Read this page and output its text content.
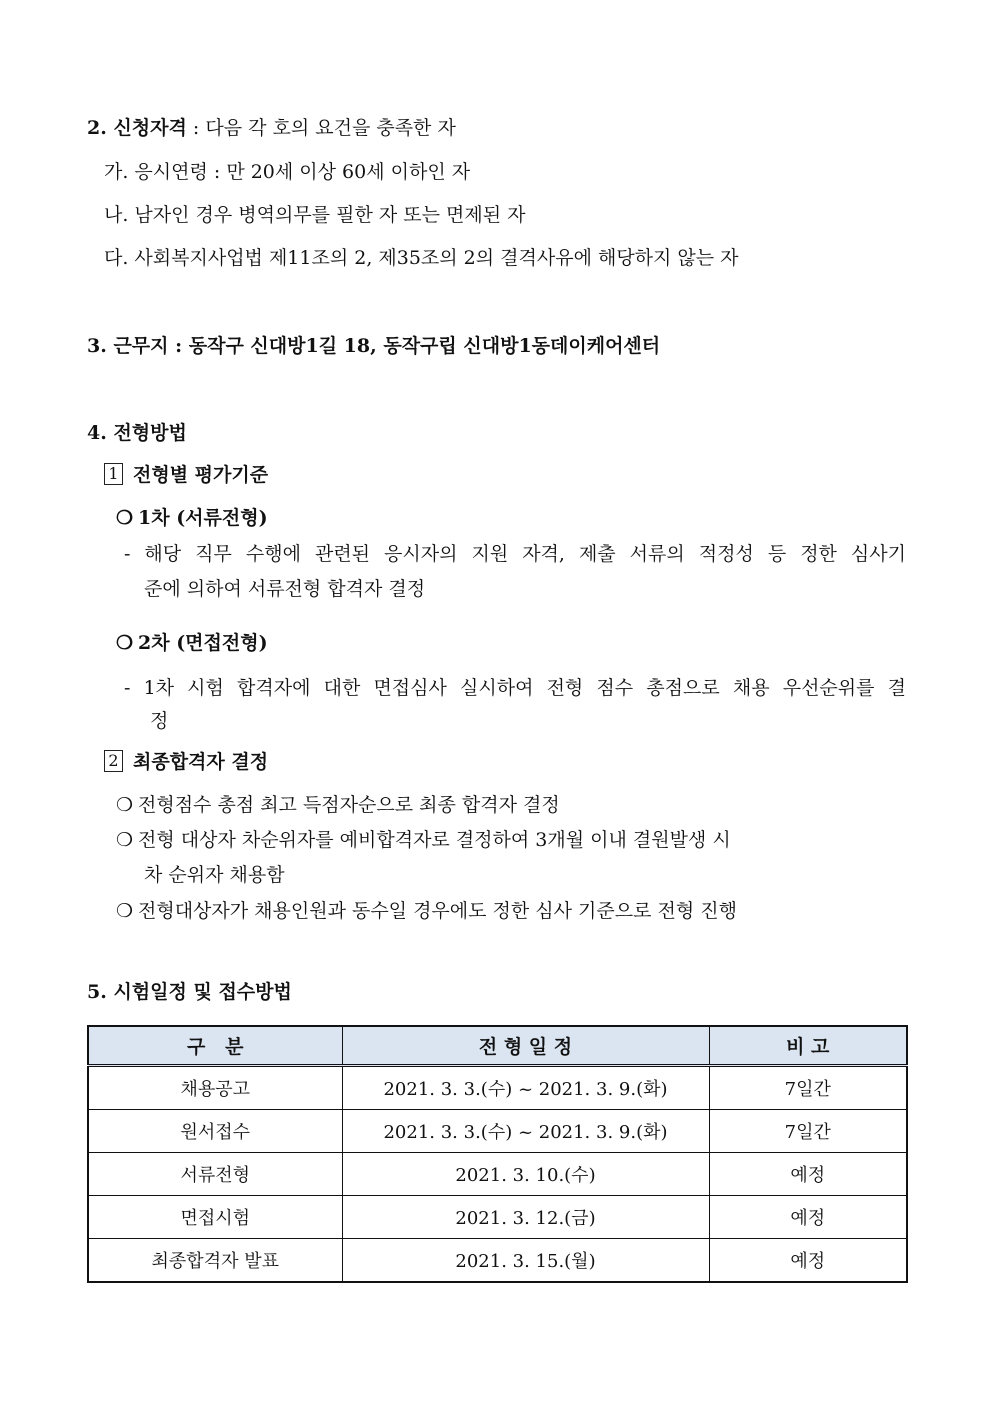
2. 신청자격 : 다음 각 호의 요건을 충족한 자
가. 응시연령 : 만 20세 이상 60세 이하인 자
나. 남자인 경우 병역의무를 필한 자 또는 면제된 자
다. 사회복지사업법 제11조의 2, 제35조의 2의 결격사유에 해당하지 않는 자
3. 근무지 : 동작구 신대방1길 18, 동작구립 신대방1동데이케어센터
4. 전형방법
1 전형별 평가기준
❍ 1차 (서류전형)
- 해당 직무 수행에 관련된 응시자의 지원 자격, 제출 서류의 적정성 등 정한 심사기
준에 의하여 서류전형 합격자 결정
❍ 2차 (면접전형)
- 1차 시험 합격자에 대한 면접심사 실시하여 전형 점수 총점으로 채용 우선순위를 결
정
2 최종합격자 결정
❍ 전형점수 총점 최고 득점자순으로 최종 합격자 결정
❍ 전형 대상자 차순위자를 예비합격자로 결정하여 3개월 이내 결원발생 시
차 순위자 채용함
❍ 전형대상자가 채용인원과 동수일 경우에도 정한 심사 기준으로 전형 진행
5. 시험일정 및 접수방법
구   분	전 형 일 정	비 고
채용공고	2021. 3. 3.(수) ~ 2021. 3. 9.(화)	7일간
원서접수	2021. 3. 3.(수) ~ 2021. 3. 9.(화)	7일간
서류전형	2021. 3. 10.(수)	예정
면접시험	2021. 3. 12.(금)	예정
최종합격자 발표	2021. 3. 15.(월)	예정
